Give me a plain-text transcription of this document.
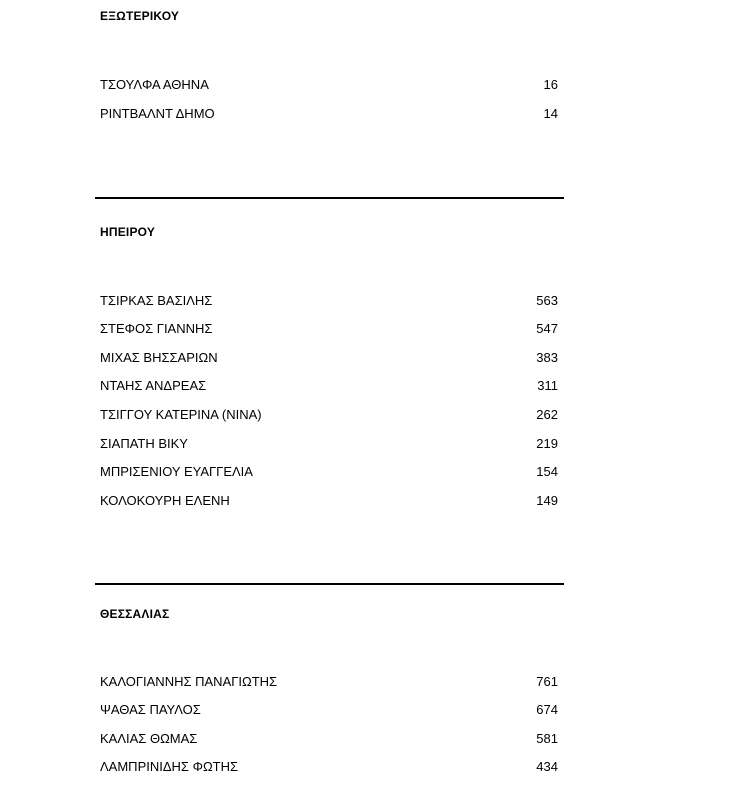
ΕΞΩΤΕΡΙΚΟΥ
ΤΣΟΥΛΦΑ ΑΘΗΝΑ	16
ΡΙΝΤΒΑΛΝΤ ΔΗΜΟ	14
ΗΠΕΙΡΟΥ
ΤΣΙΡΚΑΣ ΒΑΣΙΛΗΣ	563
ΣΤΕΦΟΣ ΓΙΑΝΝΗΣ	547
ΜΙΧΑΣ ΒΗΣΣΑΡΙΩΝ	383
ΝΤΑΗΣ ΑΝΔΡΕΑΣ	311
ΤΣΙΓΓΟΥ ΚΑΤΕΡΙΝΑ (ΝΙΝΑ)	262
ΣΙΑΠΑΤΗ ΒΙΚΥ	219
ΜΠΡΙΣΕΝΙΟΥ ΕΥΑΓΓΕΛΙΑ	154
ΚΟΛΟΚΟΥΡΗ ΕΛΕΝΗ	149
ΘΕΣΣΑΛΙΑΣ
ΚΑΛΟΓΙΑΝΝΗΣ ΠΑΝΑΓΙΩΤΗΣ	761
ΨΑΘΑΣ ΠΑΥΛΟΣ	674
ΚΑΛΙΑΣ ΘΩΜΑΣ	581
ΛΑΜΠΡΙΝΙΔΗΣ ΦΩΤΗΣ	434
